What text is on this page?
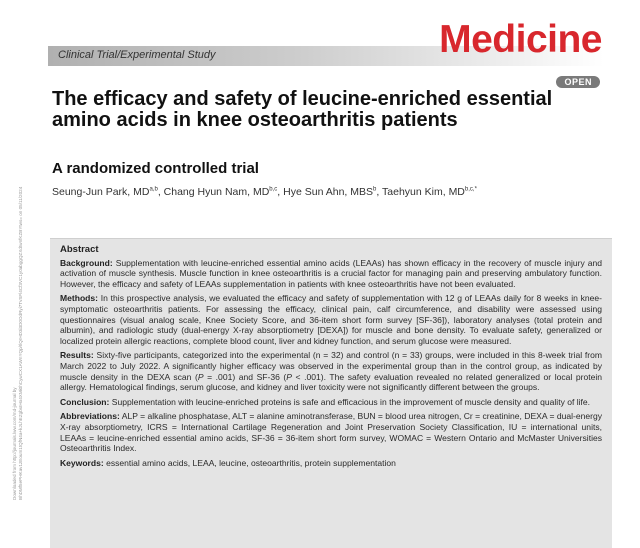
Clinical Trial/Experimental Study	Medicine
OPEN
Downloaded from http://journals.lww.com/md-journal by BhDMf5ePHKav1zEoum1tQfN4a+kJLhEZgbsIHo4XMi0hCywCX1AWnYQp/IlQrHD3i3D0OdRyi7TvSFl4Cf3VC1y0abggQZXdtwnfKZBYtws= on 05/11/2024
The efficacy and safety of leucine-enriched essential amino acids in knee osteoarthritis patients
A randomized controlled trial
Seung-Jun Park, MD$^{a,b}$, Chang Hyun Nam, MD$^{b,c}$, Hye Sun Ahn, MBS$^b$, Taehyun Kim, $MD^{b,c,*}$
Abstract

Background: Supplementation with leucine-enriched essential amino acids (LEAAs) has shown efficacy in the recovery of muscle injury and activation of muscle synthesis. Muscle function in knee osteoarthritis is a crucial factor for managing pain and preserving ambulatory function. However, the efficacy and safety of LEAAs supplementation in patients with knee osteoarthritis have not been evaluated.

Methods: In this prospective analysis, we evaluated the efficacy and safety of supplementation with 12 g of LEAAs daily for 8 weeks in knee-symptomatic osteoarthritis patients. For assessing the efficacy, clinical pain, calf circumference, and disability were assessed using questionnaires (visual analog scale, Knee Society Score, and 36-item short form survey [SF-36]), laboratory analyses (total protein and albumin), and radiologic study (dual-energy X-ray absorptiometry [DEXA]) for muscle and bone density. To evaluate safety, generalized or localized protein allergic reactions, complete blood count, liver and kidney function, and serum glucose were measured.

Results: Sixty-five participants, categorized into the experimental (n = 32) and control (n = 33) groups, were included in this 8-week trial from March 2022 to July 2022. A significantly higher efficacy was observed in the experimental group than in the control group, as indicated by muscle density in the DEXA scan (P = .001) and SF-36 (P < .001). The safety evaluation revealed no related generalized or local protein allergy. Hematological findings, serum glucose, and kidney and liver toxicity were not significantly different between the groups.

Conclusion: Supplementation with leucine-enriched proteins is safe and efficacious in the improvement of muscle density and quality of life.

Abbreviations: ALP = alkaline phosphatase, ALT = alanine aminotransferase, BUN = blood urea nitrogen, Cr = creatinine, DEXA = dual-energy X-ray absorptiometry, ICRS = International Cartilage Regeneration and Joint Preservation Society Classification, IU = international units, LEAAs = leucine-enriched essential amino acids, SF-36 = 36-item short form survey, WOMAC = Western Ontario and McMaster Universities Osteoarthritis Index.

Keywords: essential amino acids, LEAA, leucine, osteoarthritis, protein supplementation
